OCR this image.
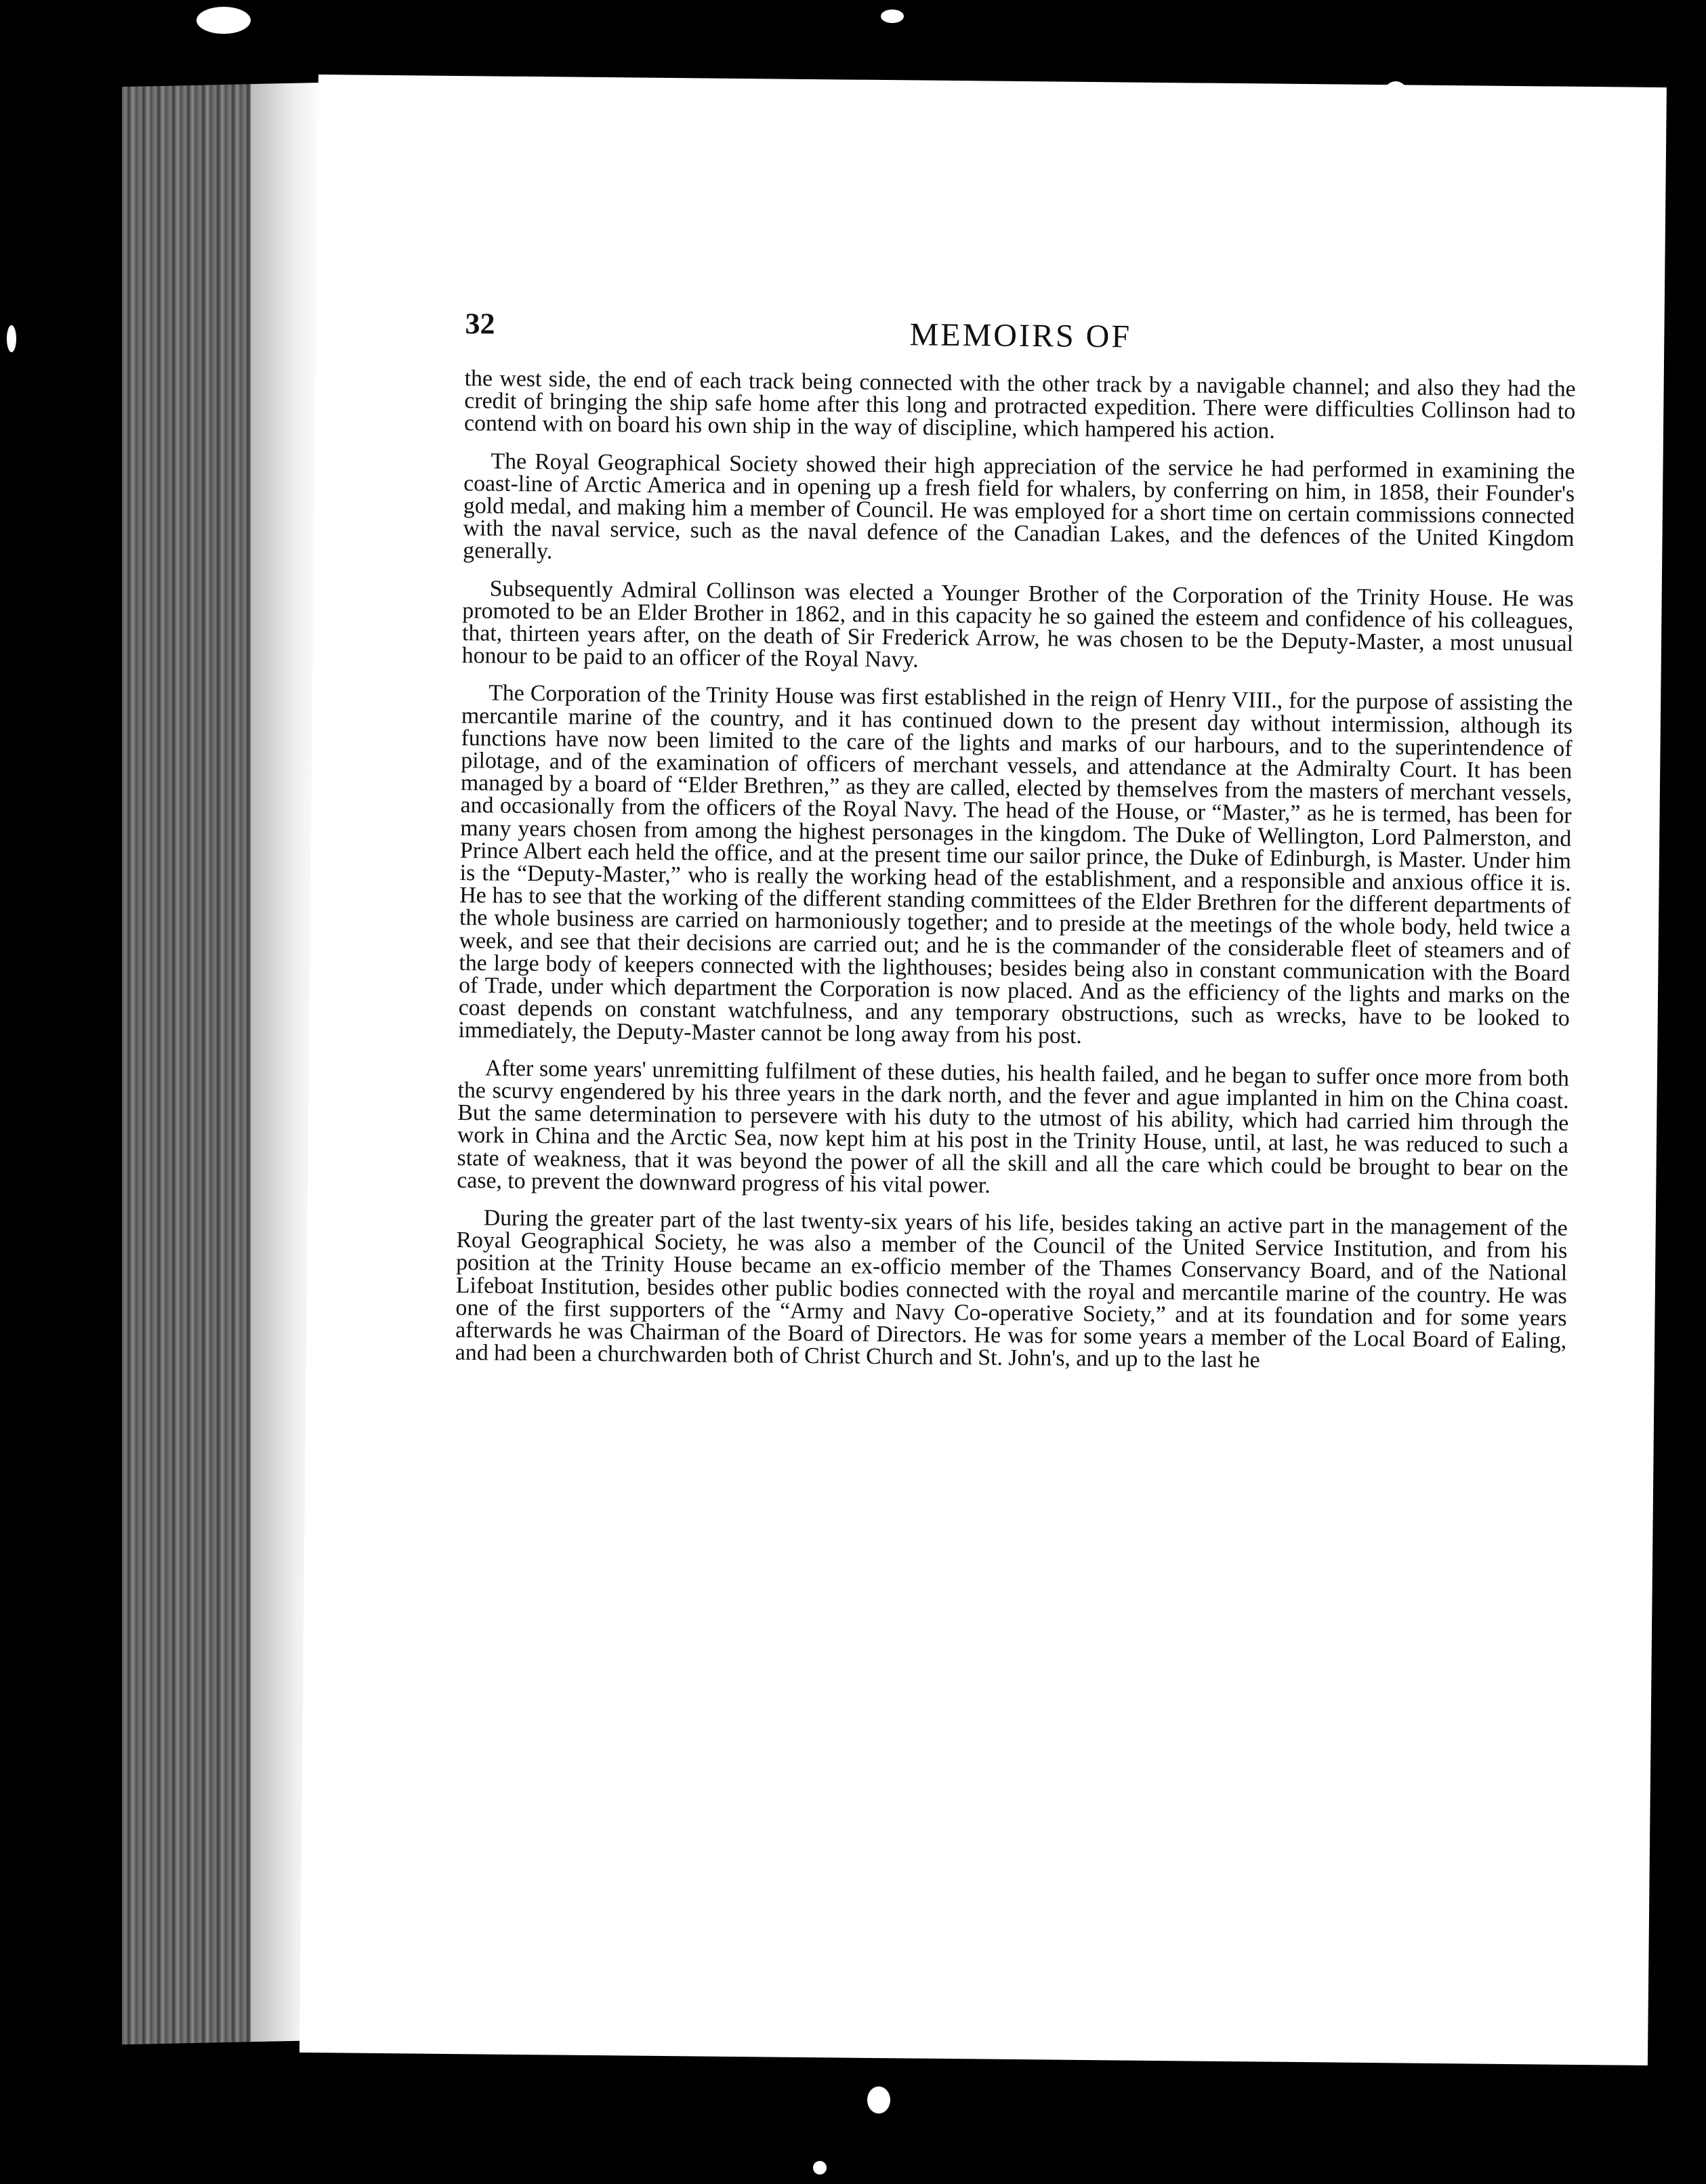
32	MEMOIRS OF

the west side, the end of each track being connected with the other track by a navigable channel; and also they had the credit of bringing the ship safe home after this long and protracted expedition. There were difficulties Collinson had to contend with on board his own ship in the way of discipline, which hampered his action.

The Royal Geographical Society showed their high appreciation of the service he had performed in examining the coast-line of Arctic America and in opening up a fresh field for whalers, by conferring on him, in 1858, their Founder's gold medal, and making him a member of Council. He was employed for a short time on certain commissions connected with the naval service, such as the naval defence of the Canadian Lakes, and the defences of the United Kingdom generally.

Subsequently Admiral Collinson was elected a Younger Brother of the Corporation of the Trinity House. He was promoted to be an Elder Brother in 1862, and in this capacity he so gained the esteem and confidence of his colleagues, that, thirteen years after, on the death of Sir Frederick Arrow, he was chosen to be the Deputy-Master, a most unusual honour to be paid to an officer of the Royal Navy.

The Corporation of the Trinity House was first established in the reign of Henry VIII., for the purpose of assisting the mercantile marine of the country, and it has continued down to the present day without intermission, although its functions have now been limited to the care of the lights and marks of our harbours, and to the superintendence of pilotage, and of the examination of officers of merchant vessels, and attendance at the Admiralty Court. It has been managed by a board of “Elder Brethren,” as they are called, elected by themselves from the masters of merchant vessels, and occasionally from the officers of the Royal Navy. The head of the House, or “Master,” as he is termed, has been for many years chosen from among the highest personages in the kingdom. The Duke of Wellington, Lord Palmerston, and Prince Albert each held the office, and at the present time our sailor prince, the Duke of Edinburgh, is Master. Under him is the “Deputy-Master,” who is really the working head of the establishment, and a responsible and anxious office it is. He has to see that the working of the different standing committees of the Elder Brethren for the different departments of the whole business are carried on harmoniously together; and to preside at the meetings of the whole body, held twice a week, and see that their decisions are carried out; and he is the commander of the considerable fleet of steamers and of the large body of keepers connected with the lighthouses; besides being also in constant communication with the Board of Trade, under which department the Corporation is now placed. And as the efficiency of the lights and marks on the coast depends on constant watchfulness, and any temporary obstructions, such as wrecks, have to be looked to immediately, the Deputy-Master cannot be long away from his post.

After some years' unremitting fulfilment of these duties, his health failed, and he began to suffer once more from both the scurvy engendered by his three years in the dark north, and the fever and ague implanted in him on the China coast. But the same determination to persevere with his duty to the utmost of his ability, which had carried him through the work in China and the Arctic Sea, now kept him at his post in the Trinity House, until, at last, he was reduced to such a state of weakness, that it was beyond the power of all the skill and all the care which could be brought to bear on the case, to prevent the downward progress of his vital power.

During the greater part of the last twenty-six years of his life, besides taking an active part in the management of the Royal Geographical Society, he was also a member of the Council of the United Service Institution, and from his position at the Trinity House became an ex-officio member of the Thames Conservancy Board, and of the National Lifeboat Institution, besides other public bodies connected with the royal and mercantile marine of the country. He was one of the first supporters of the “Army and Navy Co-operative Society,” and at its foundation and for some years afterwards he was Chairman of the Board of Directors. He was for some years a member of the Local Board of Ealing, and had been a churchwarden both of Christ Church and St. John's, and up to the last he
